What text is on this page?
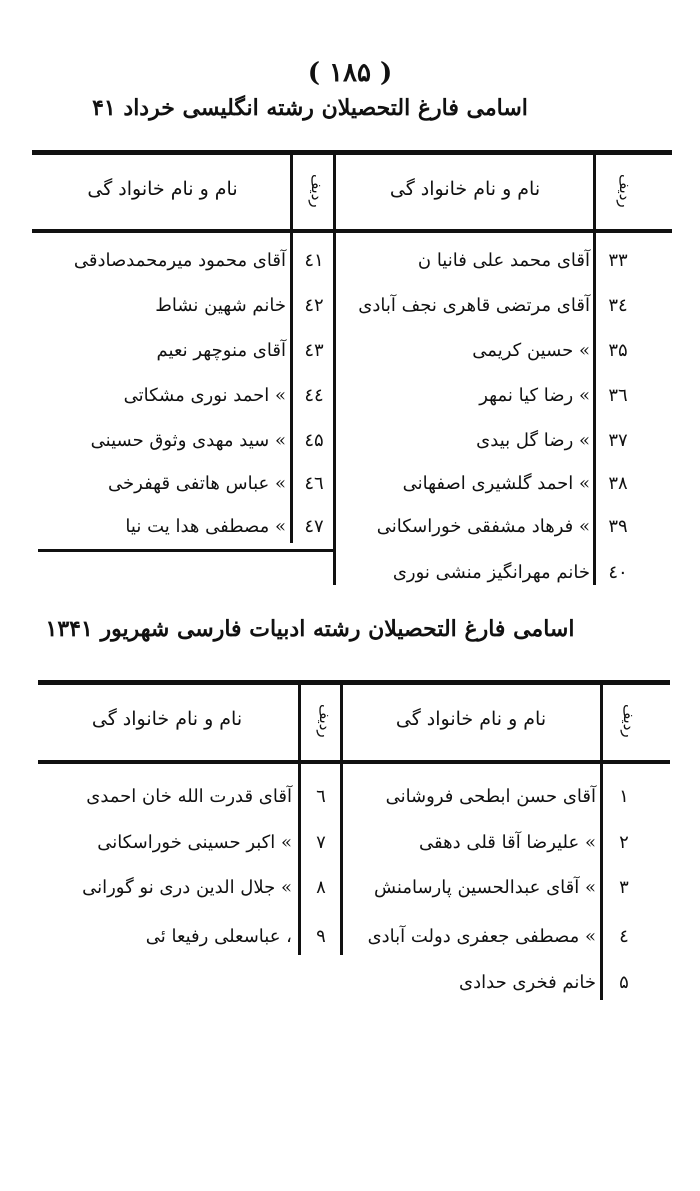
( ۱۸۵ )
اسامی فارغ التحصیلان رشته انگلیسی خرداد ۴۱
ردیف
نام و نام خانواد گی
ردیف
نام و نام خانواد گی
۳۳
آقای محمد علی فانیا ن
۳٤
آقای مرتضی قاهری نجف آبادی
۳۵
» حسین کریمی
۳٦
» رضا کیا نمهر
۳۷
» رضا گل بیدی
۳۸
» احمد گلشیری اصفهانی
۳۹
» فرهاد مشفقی خوراسکانی
٤۰
خانم مهرانگیز منشی نوری
٤۱
آقای محمود میرمحمدصادقی
٤۲
خانم شهین نشاط
٤۳
آقای منوچهر نعیم
٤٤
» احمد نوری مشکاتی
٤۵
» سید مهدی وثوق حسینی
٤٦
» عباس هاتفی قهفرخی
٤۷
» مصطفی هدا یت نیا
اسامی فارغ التحصیلان رشته ادبیات فارسی شهریور ۱۳۴۱
ردیف
نام و نام خانواد گی
ردیف
نام و نام خانواد گی
۱
آقای حسن ابطحی فروشانی
۲
» علیرضا آقا قلی دهقی
۳
» آقای عبدالحسین پارسامنش
٤
» مصطفی جعفری دولت آبادی
۵
خانم فخری حدادی
٦
آقای قدرت الله خان احمدی
۷
» اکبر حسینی خوراسکانی
۸
» جلال الدین دری نو گورانی
۹
، عباسعلی رفیعا ئی
